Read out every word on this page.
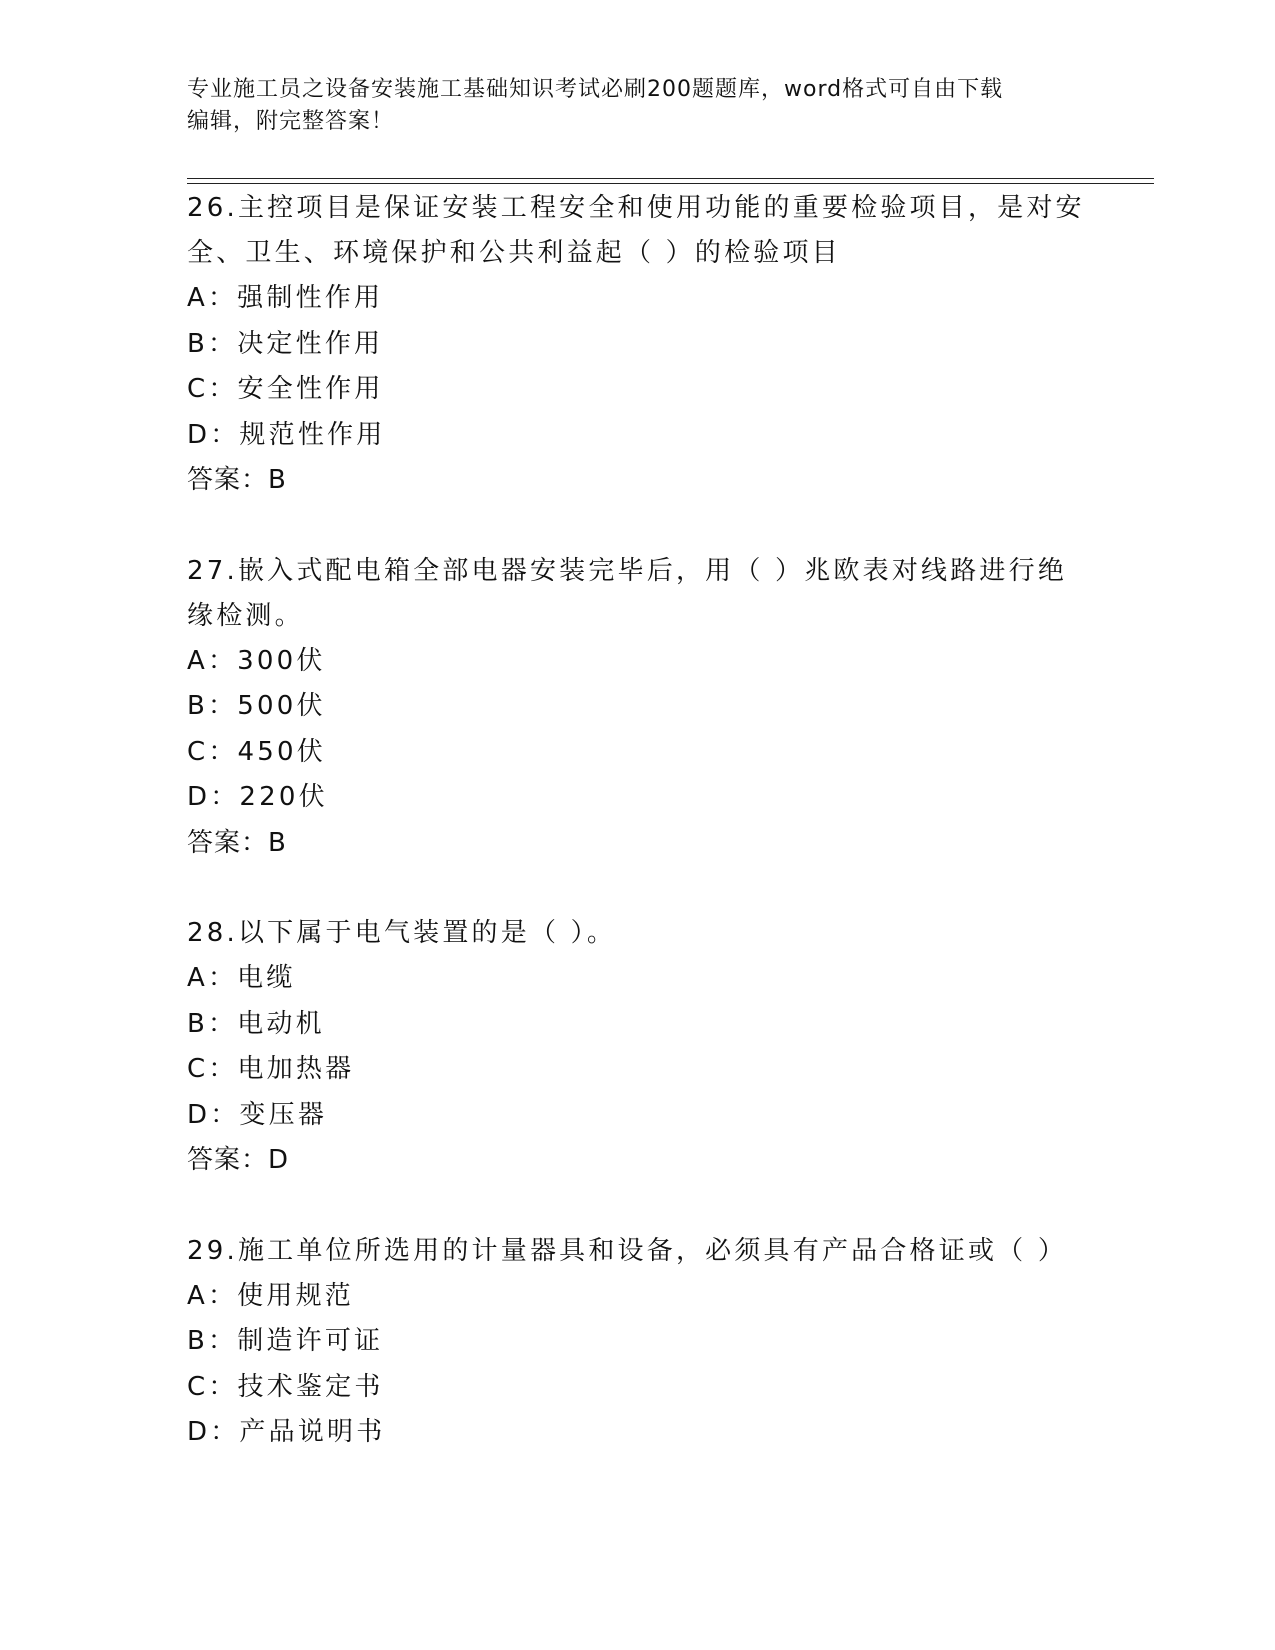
专业施工员之设备安装施工基础知识考试必刷200题题库，word格式可自由下载
编辑，附完整答案！

26.主控项目是保证安装工程安全和使用功能的重要检验项目，是对安

全、卫生、环境保护和公共利益起（ ）的检验项目

A：强制性作用

B：决定性作用

C：安全性作用

D：规范性作用

答案：B

27.嵌入式配电箱全部电器安装完毕后，用（ ）兆欧表对线路进行绝

缘检测。

A：300伏

B：500伏

C：450伏

D：220伏

答案：B

28.以下属于电气装置的是（ ）。

A：电缆

B：电动机

C：电加热器

D：变压器

答案：D

29.施工单位所选用的计量器具和设备，必须具有产品合格证或（ ）

A：使用规范

B：制造许可证

C：技术鉴定书

D：产品说明书
